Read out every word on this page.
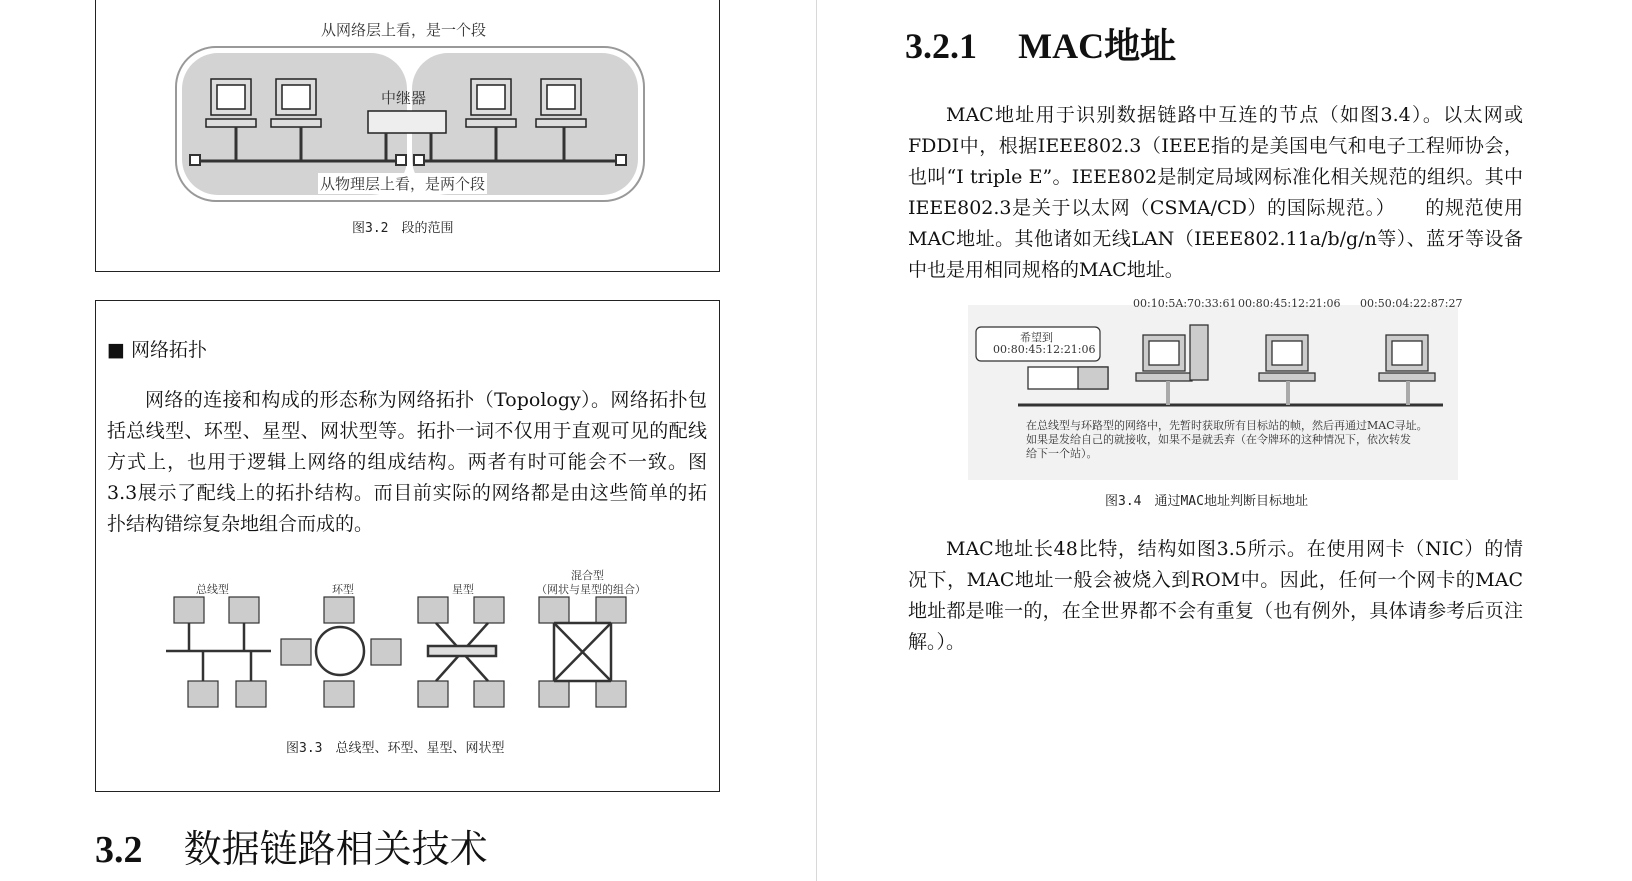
从网络层上看，是一个段
中继器
从物理层上看，是两个段
图3.2　段的范围
■ 网络拓扑

网络的连接和构成的形态称为网络拓扑（Topology）。网络拓扑包括总线型、环型、星型、网状型等。拓扑一词不仅用于直观可见的配线方式上，也用于逻辑上网络的组成结构。两者有时可能会不一致。图3.3展示了配线上的拓扑结构。而目前实际的网络都是由这些简单的拓扑结构错综复杂地组合而成的。

总线型	环型	星型
混合型
（网状与星型的组合）
图3.3　总线型、环型、星型、网状型
3.2 数据链路相关技术
3.2.1 MAC地址

MAC地址用于识别数据链路中互连的节点（如图3.4）。以太网或FDDI中，根据IEEE802.3（IEEE指的是美国电气和电子工程师协会，也叫“I triple E”。IEEE802是制定局域网标准化相关规范的组织。其中IEEE802.3是关于以太网（CSMA/CD）的国际规范。）　　的规范使用MAC地址。其他诸如无线LAN（IEEE802.11a/b/g/n等）、蓝牙等设备中也是用相同规格的MAC地址。

00:10:5A:70:33:61 00:80:45:12:21:06 00:50:04:22:87:27
希望到
00:80:45:12:21:06
在总线型与环路型的网络中，先暂时获取所有目标站的帧，然后再通过MAC寻址。
如果是发给自己的就接收，如果不是就丢弃（在令牌环的这种情况下，依次转发
给下一个站）。
图3.4　通过MAC地址判断目标地址

MAC地址长48比特，结构如图3.5所示。在使用网卡（NIC）的情况下，MAC地址一般会被烧入到ROM中。因此，任何一个网卡的MAC地址都是唯一的，在全世界都不会有重复（也有例外，具体请参考后页注解。）。
